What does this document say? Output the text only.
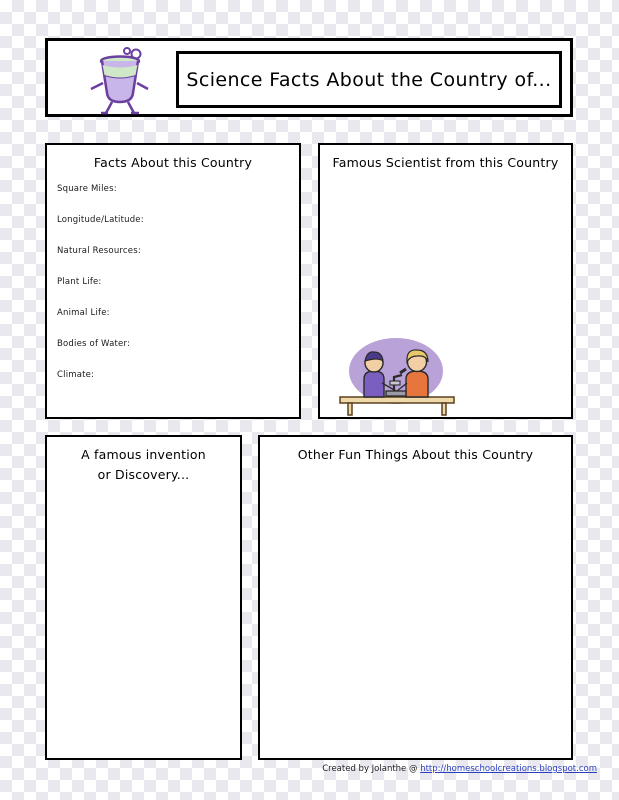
Science Facts About the Country of...
Facts About this Country
Square Miles:
Longitude/Latitude:
Natural Resources:
Plant Life:
Animal Life:
Bodies of Water:
Climate:
Famous Scientist from this Country
A famous invention
or Discovery...
Other Fun Things About this Country
Created by Jolanthe @ http://homeschoolcreations.blogspot.com
